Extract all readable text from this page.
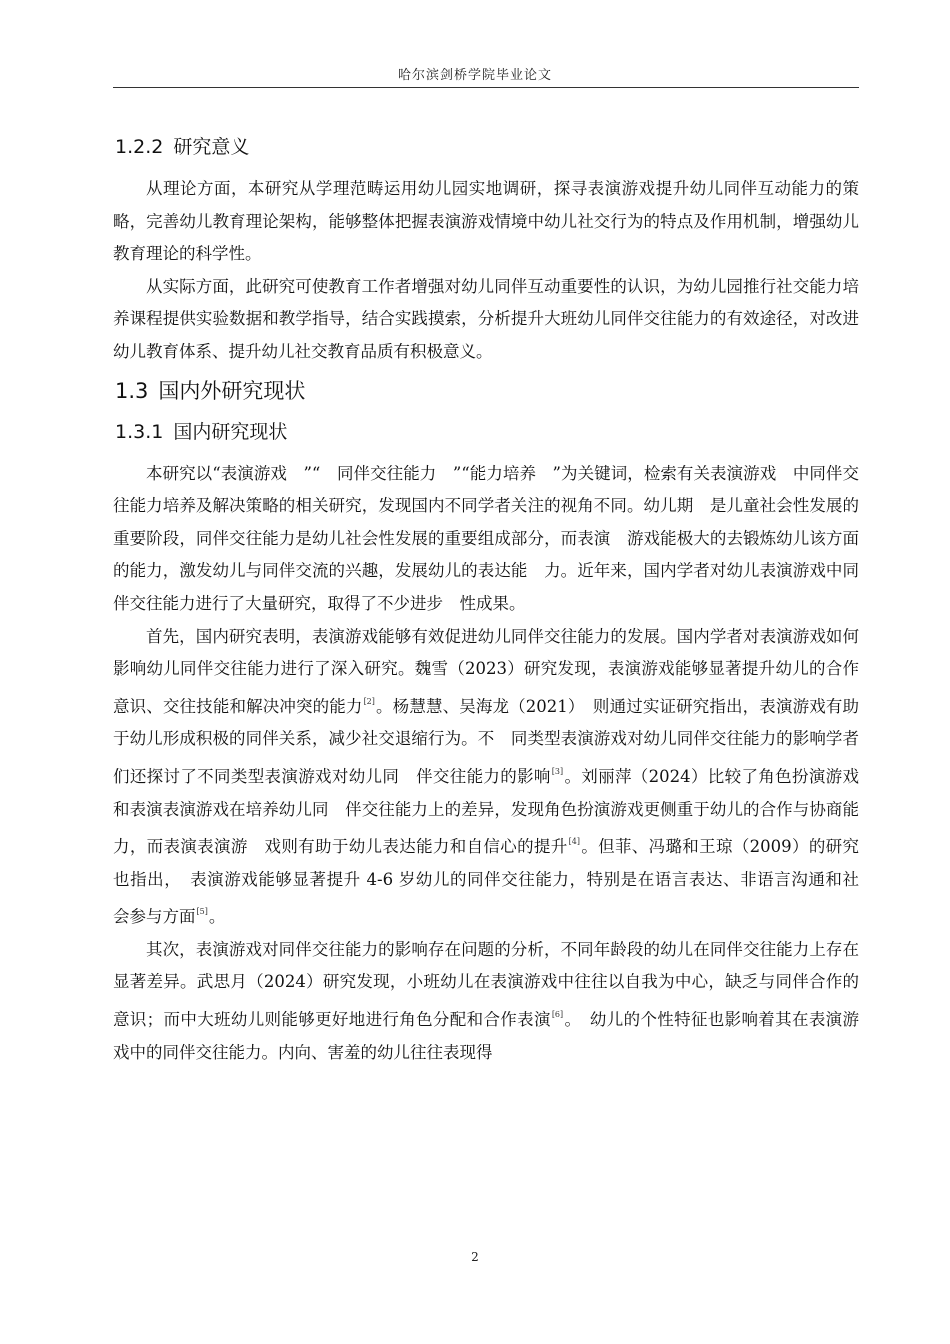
哈尔滨剑桥学院毕业论文
1.2.2 研究意义

从理论方面，本研究从学理范畴运用幼儿园实地调研，探寻表演游戏提升幼儿同伴互动能力的策略，完善幼儿教育理论架构，能够整体把握表演游戏情境中幼儿社交行为的特点及作用机制，增强幼儿教育理论的科学性。

从实际方面，此研究可使教育工作者增强对幼儿同伴互动重要性的认识，为幼儿园推行社交能力培养课程提供实验数据和教学指导，结合实践摸索，分析提升大班幼儿同伴交往能力的有效途径，对改进幼儿教育体系、提升幼儿社交教育品质有积极意义。

1.3 国内外研究现状
1.3.1 国内研究现状

本研究以“表演游戏　”“　同伴交往能力　”“能力培养　”为关键词，检索有关表演游戏　中同伴交往能力培养及解决策略的相关研究，发现国内不同学者关注的视角不同。幼儿期　是儿童社会性发展的重要阶段，同伴交往能力是幼儿社会性发展的重要组成部分，而表演　游戏能极大的去锻炼幼儿该方面的能力，激发幼儿与同伴交流的兴趣，发展幼儿的表达能　力。近年来，国内学者对幼儿表演游戏中同伴交往能力进行了大量研究，取得了不少进步　性成果。

首先，国内研究表明，表演游戏能够有效促进幼儿同伴交往能力的发展。国内学者对表演游戏如何影响幼儿同伴交往能力进行了深入研究。魏雪（2023）研究发现，表演游戏能够显著提升幼儿的合作意识、交往技能和解决冲突的能力[2]。杨慧慧、吴海龙（2021）　则通过实证研究指出，表演游戏有助于幼儿形成积极的同伴关系，减少社交退缩行为。不　同类型表演游戏对幼儿同伴交往能力的影响学者们还探讨了不同类型表演游戏对幼儿同　伴交往能力的影响[3]。刘丽萍（2024）比较了角色扮演游戏和表演表演游戏在培养幼儿同　伴交往能力上的差异，发现角色扮演游戏更侧重于幼儿的合作与协商能力，而表演表演游　戏则有助于幼儿表达能力和自信心的提升[4]。但菲、冯璐和王琼（2009）的研究也指出，　表演游戏能够显著提升 4-6 岁幼儿的同伴交往能力，特别是在语言表达、非语言沟通和社　会参与方面[5]。

其次，表演游戏对同伴交往能力的影响存在问题的分析，不同年龄段的幼儿在同伴交往能力上存在显著差异。武思月（2024）研究发现，小班幼儿在表演游戏中往往以自我为中心，缺乏与同伴合作的意识；而中大班幼儿则能够更好地进行角色分配和合作表演[6]。　幼儿的个性特征也影响着其在表演游戏中的同伴交往能力。内向、害羞的幼儿往往表现得

2
